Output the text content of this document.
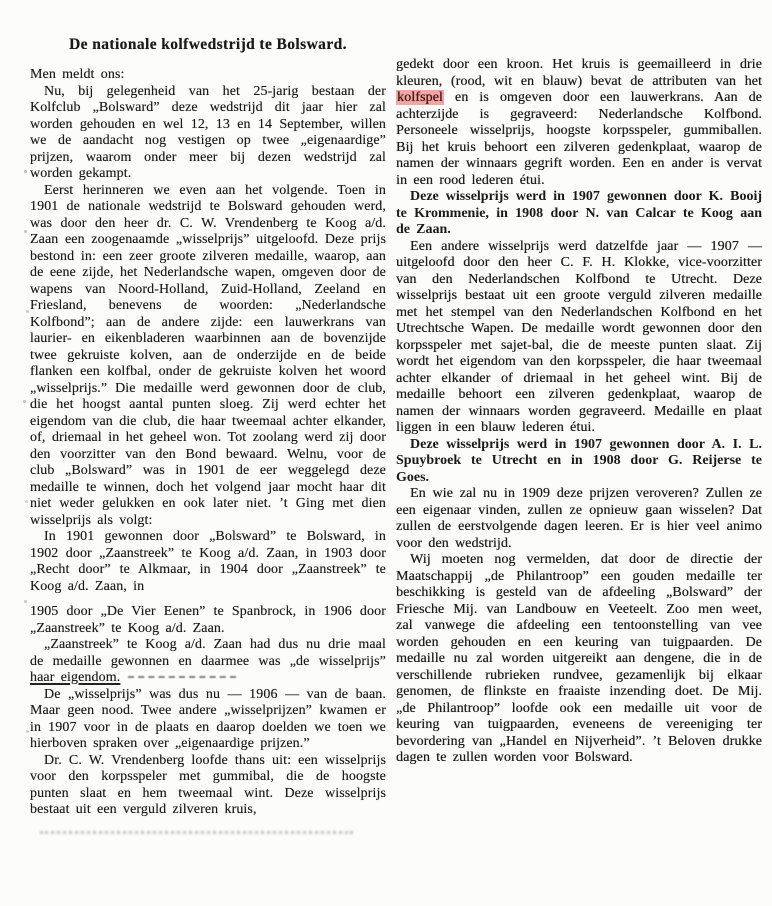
De nationale kolfwedstrijd te Bolsward.

Men meldt ons:

Nu, bij gelegenheid van het 25-jarig bestaan der Kolfclub „Bolsward” deze wedstrijd dit jaar hier zal worden gehouden en wel 12, 13 en 14 September, willen we de aandacht nog vestigen op twee „eigenaardige” prijzen, waarom onder meer bij dezen wedstrijd zal worden gekampt.

Eerst herinneren we even aan het volgende. Toen in 1901 de nationale wedstrijd te Bolsward gehouden werd, was door den heer dr. C. W. Vrendenberg te Koog a/d. Zaan een zoogenaamde „wisselprijs” uitgeloofd. Deze prijs bestond in: een zeer groote zilveren medaille, waarop, aan de eene zijde, het Nederlandsche wapen, omgeven door de wapens van Noord-Holland, Zuid-Holland, Zeeland en Friesland, benevens de woorden: „Nederlandsche Kolfbond”; aan de andere zijde: een lauwerkrans van laurier- en eikenbladeren waarbinnen aan de bovenzijde twee gekruiste kolven, aan de onderzijde en de beide flanken een kolfbal, onder de gekruiste kolven het woord „wisselprijs.” Die medaille werd gewonnen door de club, die het hoogst aantal punten sloeg. Zij werd echter het eigendom van die club, die haar tweemaal achter elkander, of, driemaal in het geheel won. Tot zoolang werd zij door den voorzitter van den Bond bewaard. Welnu, voor de club „Bolsward” was in 1901 de eer weggelegd deze medaille te winnen, doch het volgend jaar mocht haar dit niet weder gelukken en ook later niet. ’t Ging met dien wisselprijs als volgt:

In 1901 gewonnen door „Bolsward” te Bolsward, in 1902 door „Zaanstreek” te Koog a/d. Zaan, in 1903 door „Recht door” te Alkmaar, in 1904 door „Zaanstreek” te Koog a/d. Zaan, in

1905 door „De Vier Eenen” te Spanbrock, in 1906 door „Zaanstreek” te Koog a/d. Zaan.

„Zaanstreek” te Koog a/d. Zaan had dus nu drie maal de medaille gewonnen en daarmee was „de wisselprijs” haar eigendom.

De „wisselprijs” was dus nu — 1906 — van de baan. Maar geen nood. Twee andere „wisselprijzen” kwamen er in 1907 voor in de plaats en daarop doelden we toen we hierboven spraken over „eigenaardige prijzen.”

Dr. C. W. Vrendenberg loofde thans uit: een wisselprijs voor den korpsspeler met gummibal, die de hoogste punten slaat en hem tweemaal wint. Deze wisselprijs bestaat uit een verguld zilveren kruis,

gedekt door een kroon. Het kruis is geemailleerd in drie kleuren, (rood, wit en blauw) bevat de attributen van het kolfspel en is omgeven door een lauwerkrans. Aan de achterzijde is gegraveerd: Nederlandsche Kolfbond. Personeele wisselprijs, hoogste korpsspeler, gummiballen. Bij het kruis behoort een zilveren gedenkplaat, waarop de namen der winnaars gegrift worden. Een en ander is vervat in een rood lederen étui.

Deze wisselprijs werd in 1907 gewonnen door K. Booij te Krommenie, in 1908 door N. van Calcar te Koog aan de Zaan.

Een andere wisselprijs werd datzelfde jaar — 1907 — uitgeloofd door den heer C. F. H. Klokke, vice-voorzitter van den Nederlandschen Kolfbond te Utrecht. Deze wisselprijs bestaat uit een groote verguld zilveren medaille met het stempel van den Nederlandschen Kolfbond en het Utrechtsche Wapen. De medaille wordt gewonnen door den korpsspeler met sajet-bal, die de meeste punten slaat. Zij wordt het eigendom van den korpsspeler, die haar tweemaal achter elkander of driemaal in het geheel wint. Bij de medaille behoort een zilveren gedenkplaat, waarop de namen der winnaars worden gegraveerd. Medaille en plaat liggen in een blauw lederen étui.

Deze wisselprijs werd in 1907 gewonnen door A. I. L. Spuybroek te Utrecht en in 1908 door G. Reijerse te Goes.

En wie zal nu in 1909 deze prijzen veroveren? Zullen ze een eigenaar vinden, zullen ze opnieuw gaan wisselen? Dat zullen de eerstvolgende dagen leeren. Er is hier veel animo voor den wedstrijd.

Wij moeten nog vermelden, dat door de directie der Maatschappij „de Philantroop” een gouden medaille ter beschikking is gesteld van de afdeeling „Bolsward” der Friesche Mij. van Landbouw en Veeteelt. Zoo men weet, zal vanwege die afdeeling een tentoonstelling van vee worden gehouden en een keuring van tuigpaarden. De medaille nu zal worden uitgereikt aan dengene, die in de verschillende rubrieken rundvee, gezamenlijk bij elkaar genomen, de flinkste en fraaiste inzending doet. De Mij. „de Philantroop” loofde ook een medaille uit voor de keuring van tuigpaarden, eveneens de vereeniging ter bevordering van „Handel en Nijverheid”. ’t Beloven drukke dagen te zullen worden voor Bolsward.
